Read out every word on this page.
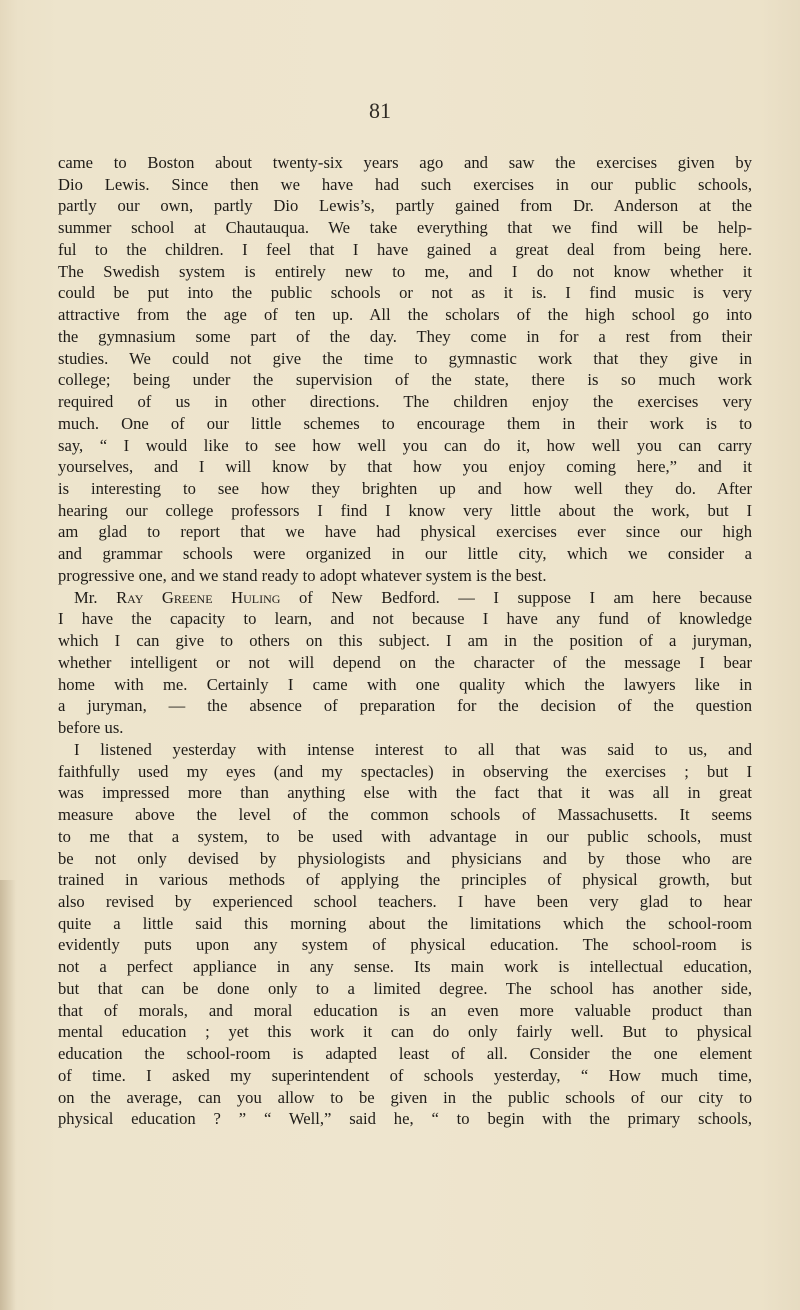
81
came to Boston about twenty-six years ago and saw the exercises given by
Dio Lewis. Since then we have had such exercises in our public schools,
partly our own, partly Dio Lewis’s, partly gained from Dr. Anderson at the
summer school at Chautauqua. We take everything that we find will be help-
ful to the children. I feel that I have gained a great deal from being here.
The Swedish system is entirely new to me, and I do not know whether it
could be put into the public schools or not as it is. I find music is very
attractive from the age of ten up. All the scholars of the high school go into
the gymnasium some part of the day. They come in for a rest from their
studies. We could not give the time to gymnastic work that they give in
college; being under the supervision of the state, there is so much work
required of us in other directions. The children enjoy the exercises very
much. One of our little schemes to encourage them in their work is to
say, “ I would like to see how well you can do it, how well you can carry
yourselves, and I will know by that how you enjoy coming here,” and it
is interesting to see how they brighten up and how well they do. After
hearing our college professors I find I know very little about the work, but I
am glad to report that we have had physical exercises ever since our high
and grammar schools were organized in our little city, which we consider a
progressive one, and we stand ready to adopt whatever system is the best.
Mr. Ray Greene Huling of New Bedford. — I suppose I am here because
I have the capacity to learn, and not because I have any fund of knowledge
which I can give to others on this subject. I am in the position of a juryman,
whether intelligent or not will depend on the character of the message I bear
home with me. Certainly I came with one quality which the lawyers like in
a juryman, — the absence of preparation for the decision of the question
before us.
I listened yesterday with intense interest to all that was said to us, and
faithfully used my eyes (and my spectacles) in observing the exercises ; but I
was impressed more than anything else with the fact that it was all in great
measure above the level of the common schools of Massachusetts. It seems
to me that a system, to be used with advantage in our public schools, must
be not only devised by physiologists and physicians and by those who are
trained in various methods of applying the principles of physical growth, but
also revised by experienced school teachers. I have been very glad to hear
quite a little said this morning about the limitations which the school-room
evidently puts upon any system of physical education. The school-room is
not a perfect appliance in any sense. Its main work is intellectual education,
but that can be done only to a limited degree. The school has another side,
that of morals, and moral education is an even more valuable product than
mental education ; yet this work it can do only fairly well. But to physical
education the school-room is adapted least of all. Consider the one element
of time. I asked my superintendent of schools yesterday, “ How much time,
on the average, can you allow to be given in the public schools of our city to
physical education ? ” “ Well,” said he, “ to begin with the primary schools,
